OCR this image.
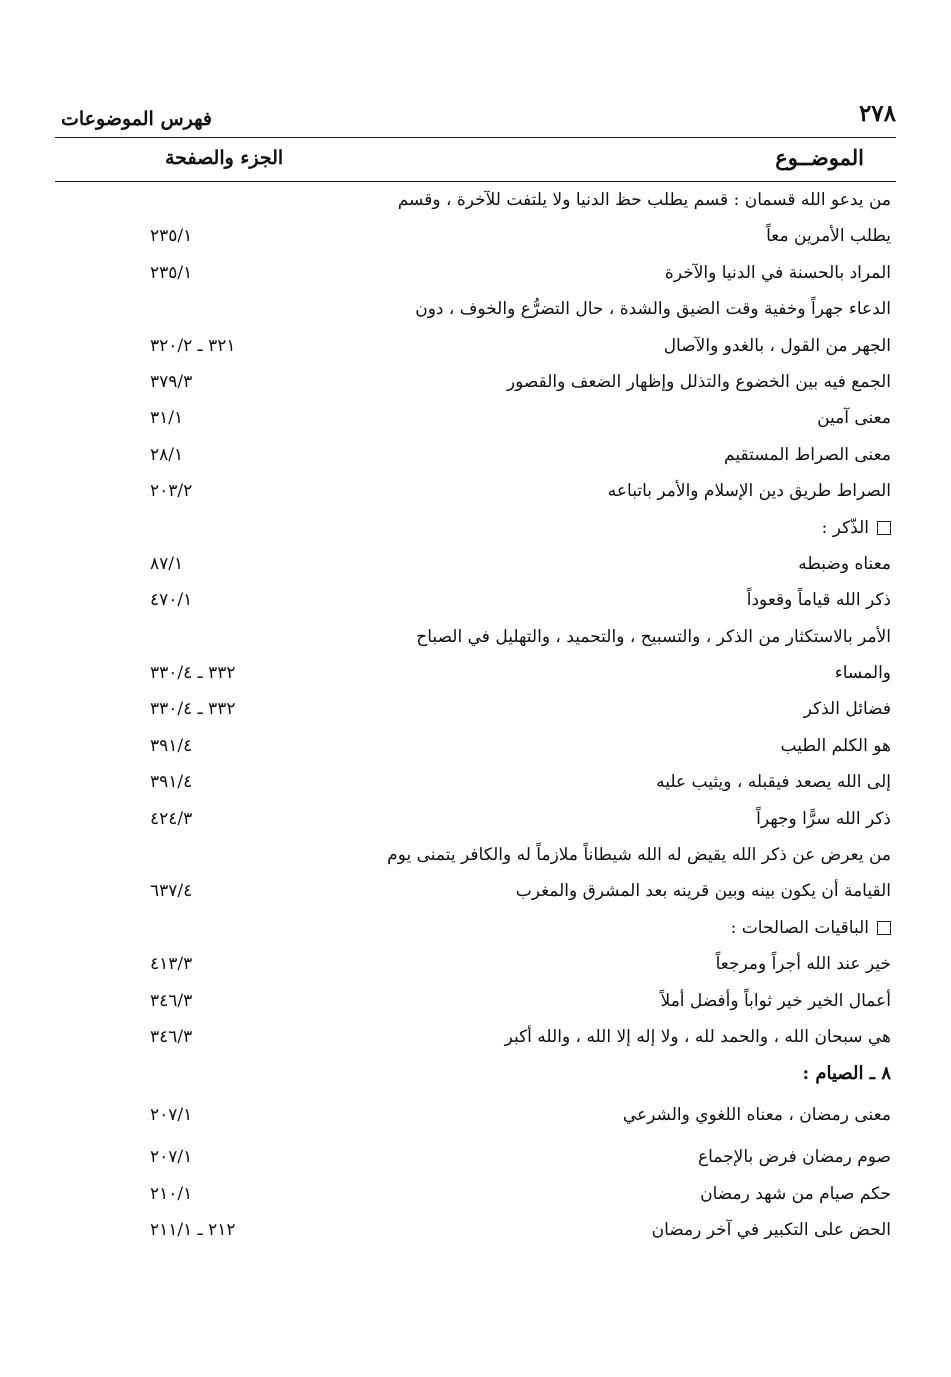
٢٧٨
فهرس الموضوعات
الموضــوع
الجزء والصفحة
من يدعو الله قسمان : قسم يطلب حظ الدنيا ولا يلتفت للآخرة ، وقسم
يطلب الأمرين معاً
٢٣٥/١
المراد بالحسنة في الدنيا والآخرة
٢٣٥/١
الدعاء جهراً وخفية وقت الضيق والشدة ، حال التضرُّع والخوف ، دون
الجهر من القول ، بالغدو والآصال
٣٢١ ـ ٣٢٠/٢
الجمع فيه بين الخضوع والتذلل وإظهار الضعف والقصور
٣٧٩/٣
معنى آمين
٣١/١
معنى الصراط المستقيم
٢٨/١
الصراط طريق دين الإسلام والأمر باتباعه
٢٠٣/٢
الذّكر :
معناه وضبطه
٨٧/١
ذكر الله قياماً وقعوداً
٤٧٠/١
الأمر بالاستكثار من الذكر ، والتسبيح ، والتحميد ، والتهليل في الصباح
والمساء
٣٣٢ ـ ٣٣٠/٤
فضائل الذكر
٣٣٢ ـ ٣٣٠/٤
هو الكلم الطيب
٣٩١/٤
إلى الله يصعد فيقبله ، ويثيب عليه
٣٩١/٤
ذكر الله سرًّا وجهراً
٤٢٤/٣
من يعرض عن ذكر الله يقيض له الله شيطاناً ملازماً له والكافر يتمنى يوم
القيامة أن يكون بينه وبين قرينه بعد المشرق والمغرب
٦٣٧/٤
الباقيات الصالحات :
خير عند الله أجراً ومرجعاً
٤١٣/٣
أعمال الخير خير ثواباً وأفضل أملاً
٣٤٦/٣
هي سبحان الله ، والحمد لله ، ولا إله إلا الله ، والله أكبر
٣٤٦/٣
٨ ـ الصيام :
معنى رمضان ، معناه اللغوي والشرعي
٢٠٧/١
صوم رمضان فرض بالإجماع
٢٠٧/١
حكم صيام من شهد رمضان
٢١٠/١
الحض على التكبير في آخر رمضان
٢١٢ ـ ٢١١/١
